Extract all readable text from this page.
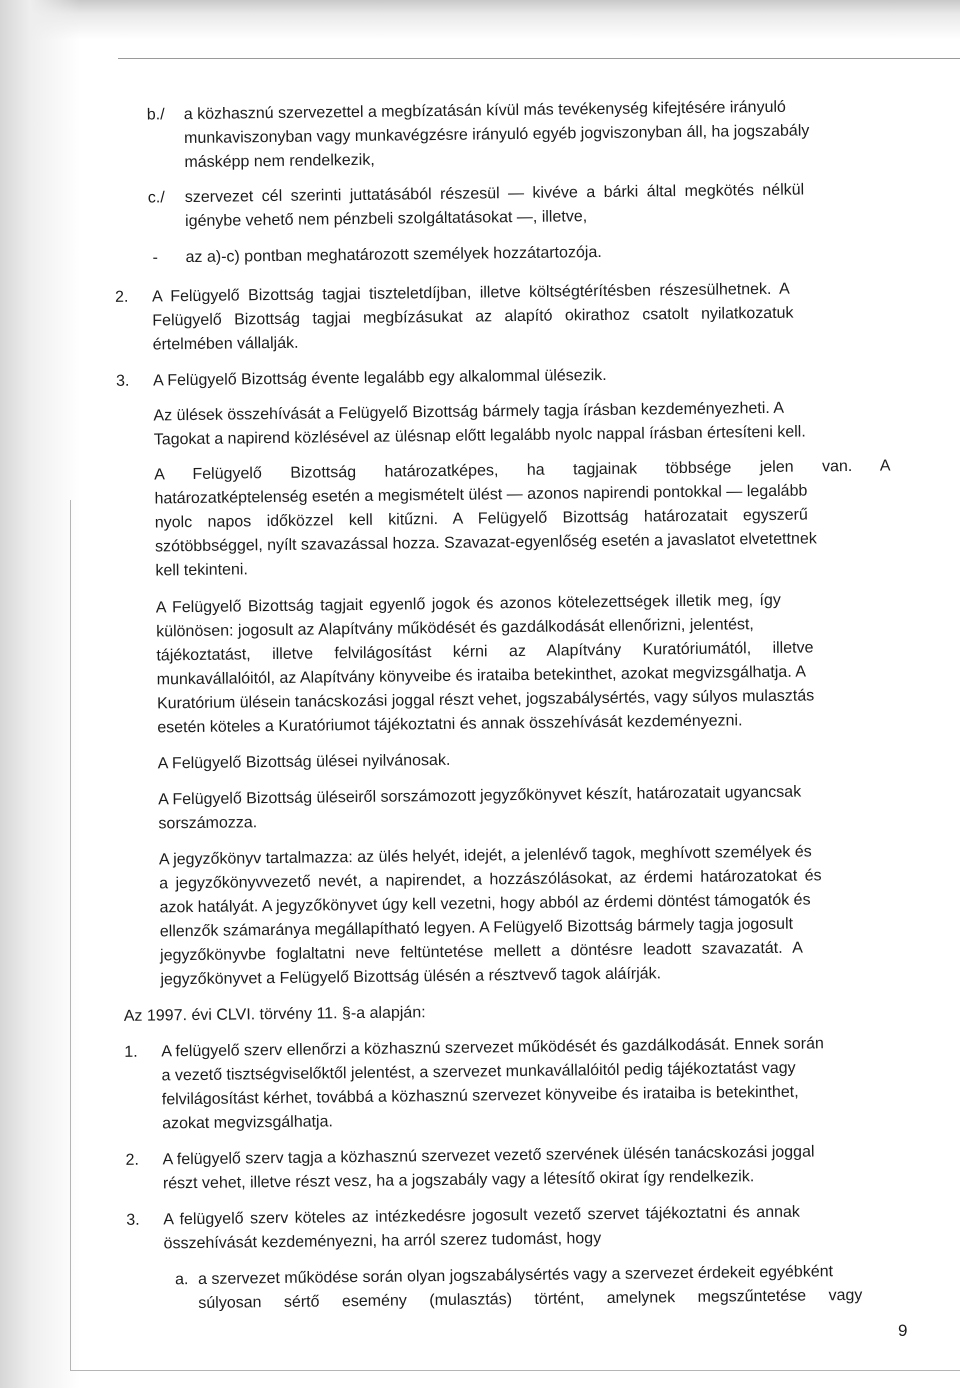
b./ a közhasznú szervezettel a megbízatásán kívül más tevékenység kifejtésére irányuló
munkaviszonyban vagy munkavégzésre irányuló egyéb jogviszonyban áll, ha jogszabály
másképp nem rendelkezik,
c./ szervezet cél szerinti juttatásából részesül — kivéve a bárki által megkötés nélkül
igénybe vehető nem pénzbeli szolgáltatásokat —, illetve,
- az a)-c) pontban meghatározott személyek hozzátartozója.
2. A Felügyelő Bizottság tagjai tiszteletdíjban, illetve költségtérítésben részesülhetnek. A
Felügyelő Bizottság tagjai megbízásukat az alapító okirathoz csatolt nyilatkozatuk
értelmében vállalják.
3. A Felügyelő Bizottság évente legalább egy alkalommal ülésezik.
Az ülések összehívását a Felügyelő Bizottság bármely tagja írásban kezdeményezheti. A
Tagokat a napirend közlésével az ülésnap előtt legalább nyolc nappal írásban értesíteni kell.
A Felügyelő Bizottság határozatképes, ha tagjainak többsége jelen van. A
határozatképtelenség esetén a megismételt ülést — azonos napirendi pontokkal — legalább
nyolc napos időközzel kell kitűzni. A Felügyelő Bizottság határozatait egyszerű
szótöbbséggel, nyílt szavazással hozza. Szavazat-egyenlőség esetén a javaslatot elvetettnek
kell tekinteni.
A Felügyelő Bizottság tagjait egyenlő jogok és azonos kötelezettségek illetik meg, így
különösen: jogosult az Alapítvány működését és gazdálkodását ellenőrizni, jelentést,
tájékoztatást, illetve felvilágosítást kérni az Alapítvány Kuratóriumától, illetve
munkavállalóitól, az Alapítvány könyveibe és irataiba betekinthet, azokat megvizsgálhatja. A
Kuratórium ülésein tanácskozási joggal részt vehet, jogszabálysértés, vagy súlyos mulasztás
esetén köteles a Kuratóriumot tájékoztatni és annak összehívását kezdeményezni.
A Felügyelő Bizottság ülései nyilvánosak.
A Felügyelő Bizottság üléseiről sorszámozott jegyzőkönyvet készít, határozatait ugyancsak
sorszámozza.
A jegyzőkönyv tartalmazza: az ülés helyét, idejét, a jelenlévő tagok, meghívott személyek és
a jegyzőkönyvvezető nevét, a napirendet, a hozzászólásokat, az érdemi határozatokat és
azok hatályát. A jegyzőkönyvet úgy kell vezetni, hogy abból az érdemi döntést támogatók és
ellenzők számaránya megállapítható legyen. A Felügyelő Bizottság bármely tagja jogosult
jegyzőkönyvbe foglaltatni neve feltüntetése mellett a döntésre leadott szavazatát. A
jegyzőkönyvet a Felügyelő Bizottság ülésén a résztvevő tagok aláírják.
Az 1997. évi CLVI. törvény 11. §-a alapján:
1. A felügyelő szerv ellenőrzi a közhasznú szervezet működését és gazdálkodását. Ennek során
a vezető tisztségviselőktől jelentést, a szervezet munkavállalóitól pedig tájékoztatást vagy
felvilágosítást kérhet, továbbá a közhasznú szervezet könyveibe és irataiba is betekinthet,
azokat megvizsgálhatja.
2. A felügyelő szerv tagja a közhasznú szervezet vezető szervének ülésén tanácskozási joggal
részt vehet, illetve részt vesz, ha a jogszabály vagy a létesítő okirat így rendelkezik.
3. A felügyelő szerv köteles az intézkedésre jogosult vezető szervet tájékoztatni és annak
összehívását kezdeményezni, ha arról szerez tudomást, hogy
a. a szervezet működése során olyan jogszabálysértés vagy a szervezet érdekeit egyébként
súlyosan sértő esemény (mulasztás) történt, amelynek megszűntetése vagy
9
